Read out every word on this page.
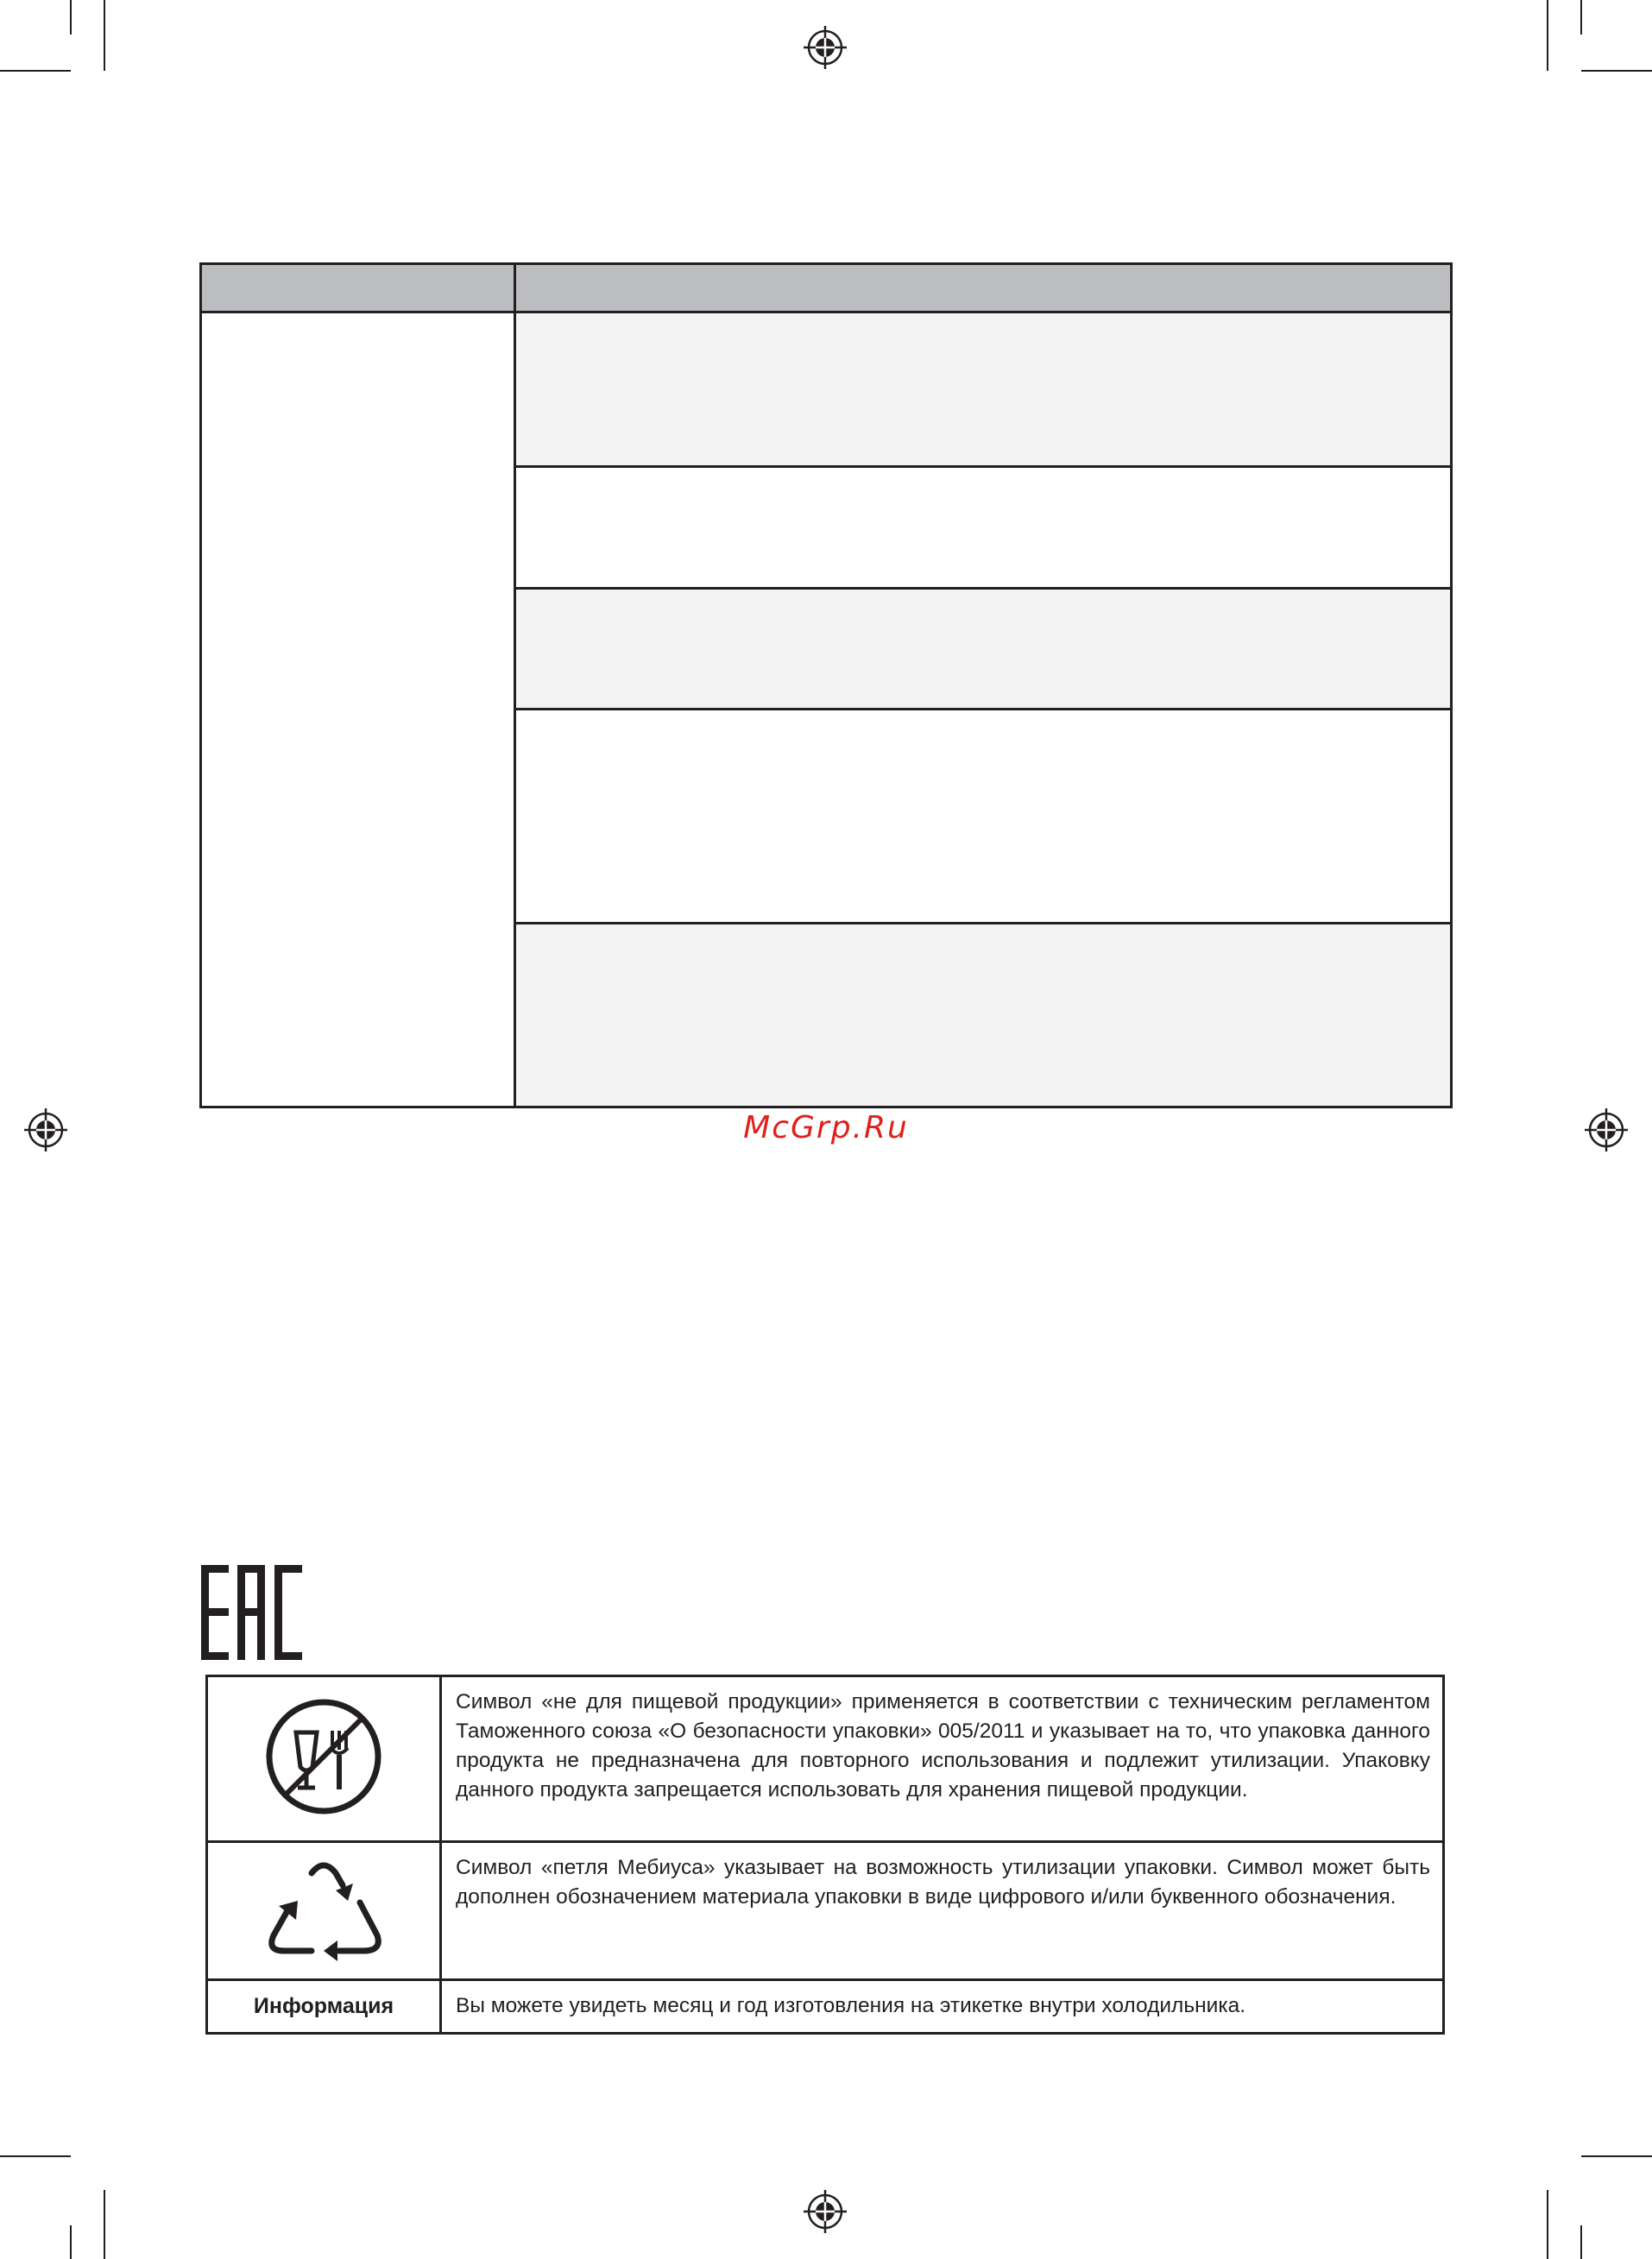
McGrp.Ru
	Символ «не для пищевой продукции» применяется в соответствии с техническим регламентом Таможенного союза «О безопасности упаковки» 005/2011 и указывает на то, что упаковка данного продукта не предназначена для повторного использования и подлежит утилизации. Упаковку данного продукта запрещается использовать для хранения пищевой продукции.
	Символ «петля Мебиуса» указывает на возможность утилизации упаковки. Символ может быть дополнен обозначением материала упаковки в виде цифрового и/или буквенного обозначения.
Информация	Вы можете увидеть месяц и год изготовления на этикетке внутри холодильника.
